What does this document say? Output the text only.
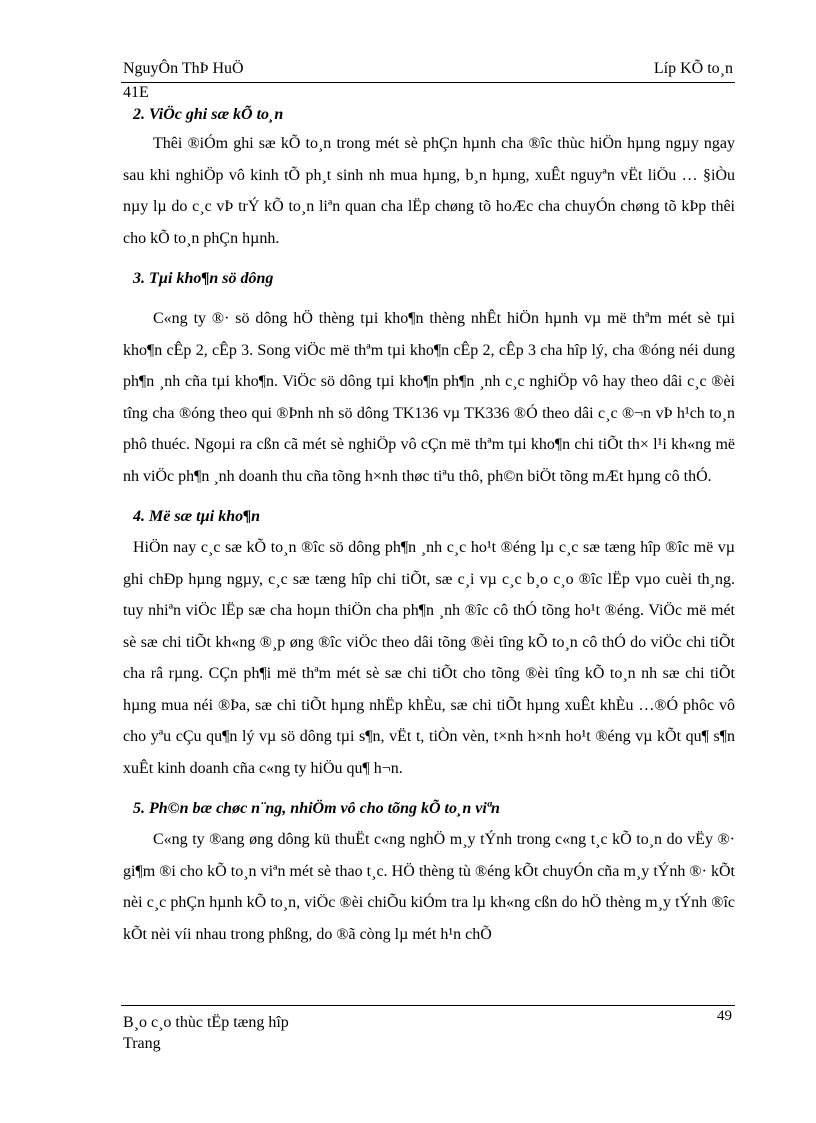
NguyÔn ThÞ HuÖ	Líp KÕ to¸n
41E
2. ViÖc ghi sæ kÕ to¸n

Thêi ®iÓm ghi sæ kÕ to¸n trong mét sè phÇn hµnh cha ®îc thùc hiÖn hµng ngµy ngay sau khi nghiÖp vô kinh tÕ ph¸t sinh nh mua hµng, b¸n hµng, xuÊt nguyªn vËt liÖu … §iÒu nµy lµ do c¸c vÞ trÝ kÕ to¸n liªn quan cha lËp chøng tõ hoÆc cha chuyÓn chøng tõ kÞp thêi cho kÕ to¸n phÇn hµnh.

3. Tµi kho¶n sö dông

C«ng ty ®· sö dông hÖ thèng tµi kho¶n thèng nhÊt hiÖn hµnh vµ më thªm mét sè tµi kho¶n cÊp 2, cÊp 3. Song viÖc më thªm tµi kho¶n cÊp 2, cÊp 3 cha hîp lý, cha ®óng néi dung ph¶n ¸nh cña tµi kho¶n. ViÖc sö dông tµi kho¶n ph¶n ¸nh c¸c nghiÖp vô hay theo dâi c¸c ®èi tîng cha ®óng theo qui ®Þnh nh sö dông TK136 vµ TK336 ®Ó theo dâi c¸c ®¬n vÞ h¹ch to¸n phô thuéc. Ngoµi ra cßn cã mét sè nghiÖp vô cÇn më thªm tµi kho¶n chi tiÕt th× l¹i kh«ng më nh viÖc ph¶n ¸nh doanh thu cña tõng h×nh thøc tiªu thô, ph©n biÖt tõng mÆt hµng cô thÓ.

4. Më sæ tµi kho¶n

HiÖn nay c¸c sæ kÕ to¸n ®îc sö dông ph¶n ¸nh c¸c ho¹t ®éng lµ c¸c sæ tæng hîp ®îc më vµ ghi chÐp hµng ngµy, c¸c sæ tæng hîp chi tiÕt, sæ c¸i vµ c¸c b¸o c¸o ®îc lËp vµo cuèi th¸ng. tuy nhiªn viÖc lËp sæ cha hoµn thiÖn cha ph¶n ¸nh ®îc cô thÓ tõng ho¹t ®éng. ViÖc më mét sè sæ chi tiÕt kh«ng ®¸p øng ®îc viÖc theo dâi tõng ®èi tîng kÕ to¸n cô thÓ do viÖc chi tiÕt cha râ rµng. CÇn ph¶i më thªm mét sè sæ chi tiÕt cho tõng ®èi tîng kÕ to¸n nh sæ chi tiÕt hµng mua néi ®Þa, sæ chi tiÕt hµng nhËp khÈu, sæ chi tiÕt hµng xuÊt khÈu …®Ó phôc vô cho yªu cÇu qu¶n lý vµ sö dông tµi s¶n, vËt t, tiÒn vèn, t×nh h×nh ho¹t ®éng vµ kÕt qu¶ s¶n xuÊt kinh doanh cña c«ng ty hiÖu qu¶ h¬n.

5. Ph©n bæ chøc n¨ng, nhiÖm vô cho tõng kÕ to¸n viªn

C«ng ty ®ang øng dông kü thuËt c«ng nghÖ m¸y tÝnh trong c«ng t¸c kÕ to¸n do vËy ®· gi¶m ®i cho kÕ to¸n viªn mét sè thao t¸c. HÖ thèng tù ®éng kÕt chuyÓn cña m¸y tÝnh ®· kÕt nèi c¸c phÇn hµnh kÕ to¸n, viÖc ®èi chiÕu kiÓm tra lµ kh«ng cßn do hÖ thèng m¸y tÝnh ®îc kÕt nèi víi nhau trong phßng, do ®ã còng lµ mét h¹n chÕ

B¸o c¸o thùc tËp tæng hîp
Trang
49
